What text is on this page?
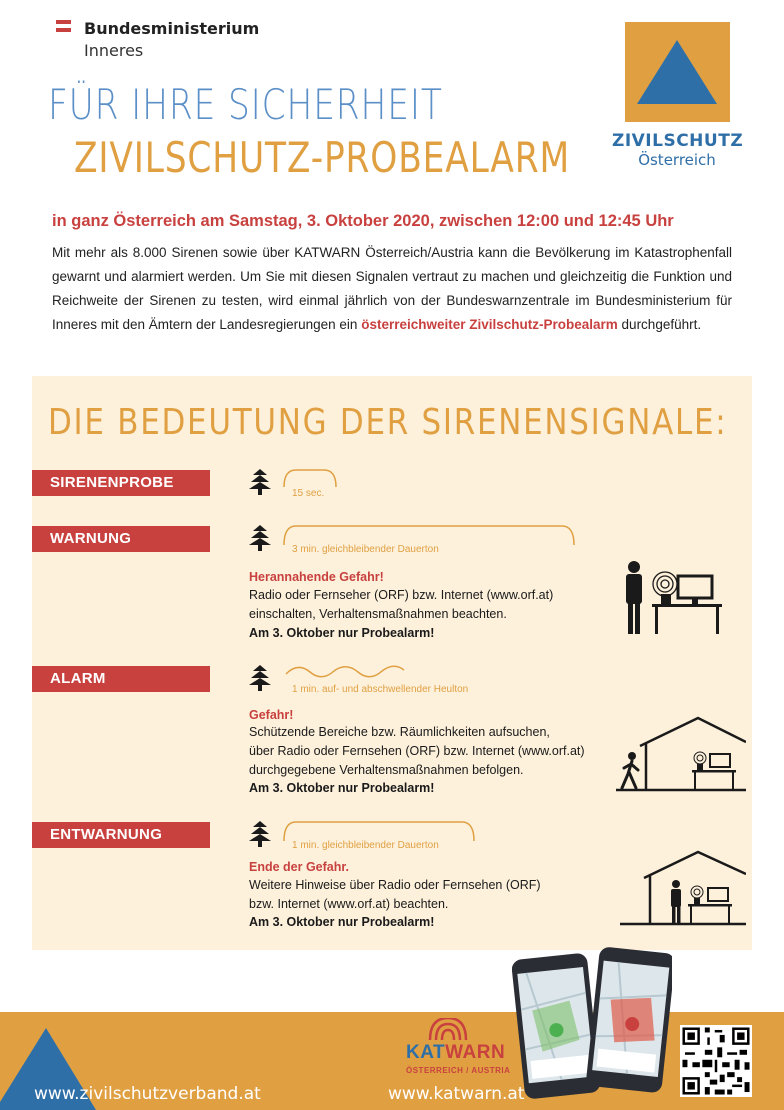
Bundesministerium
Inneres
FÜR IHRE SICHERHEIT
ZIVILSCHUTZ-PROBEALARM ZIVILSCHUTZ
Österreich
in ganz Österreich am Samstag, 3. Oktober 2020, zwischen 12:00 und 12:45 Uhr
Mit mehr als 8.000 Sirenen sowie über KATWARN Österreich/Austria kann die Bevölkerung im Katastrophenfall gewarnt und alarmiert werden. Um Sie mit diesen Signalen vertraut zu machen und gleichzeitig die Funktion und Reichweite der Sirenen zu testen, wird einmal jährlich von der Bundeswarnzentrale im Bundesministerium für Inneres mit den Ämtern der Landesregierungen ein österreichweiter Zivilschutz-Probealarm durchgeführt.
DIE BEDEUTUNG DER SIRENENSIGNALE:
SIRENENPROBE
15 sec.
WARNUNG
3 min. gleichbleibender Dauerton
Herannahende Gefahr!
Radio oder Fernseher (ORF) bzw. Internet (www.orf.at)
einschalten, Verhaltensmaßnahmen beachten.
Am 3. Oktober nur Probealarm!
ALARM
1 min. auf- und abschwellender Heulton
Gefahr!
Schützende Bereiche bzw. Räumlichkeiten aufsuchen,
über Radio oder Fernsehen (ORF) bzw. Internet (www.orf.at)
durchgegebene Verhaltensmaßnahmen befolgen.
Am 3. Oktober nur Probealarm!
ENTWARNUNG
1 min. gleichbleibender Dauerton
Ende der Gefahr.
Weitere Hinweise über Radio oder Fernsehen (ORF)
bzw. Internet (www.orf.at) beachten.
Am 3. Oktober nur Probealarm!
www.zivilschutzverband.at
KATWARN
ÖSTERREICH / AUSTRIA
www.katwarn.at
